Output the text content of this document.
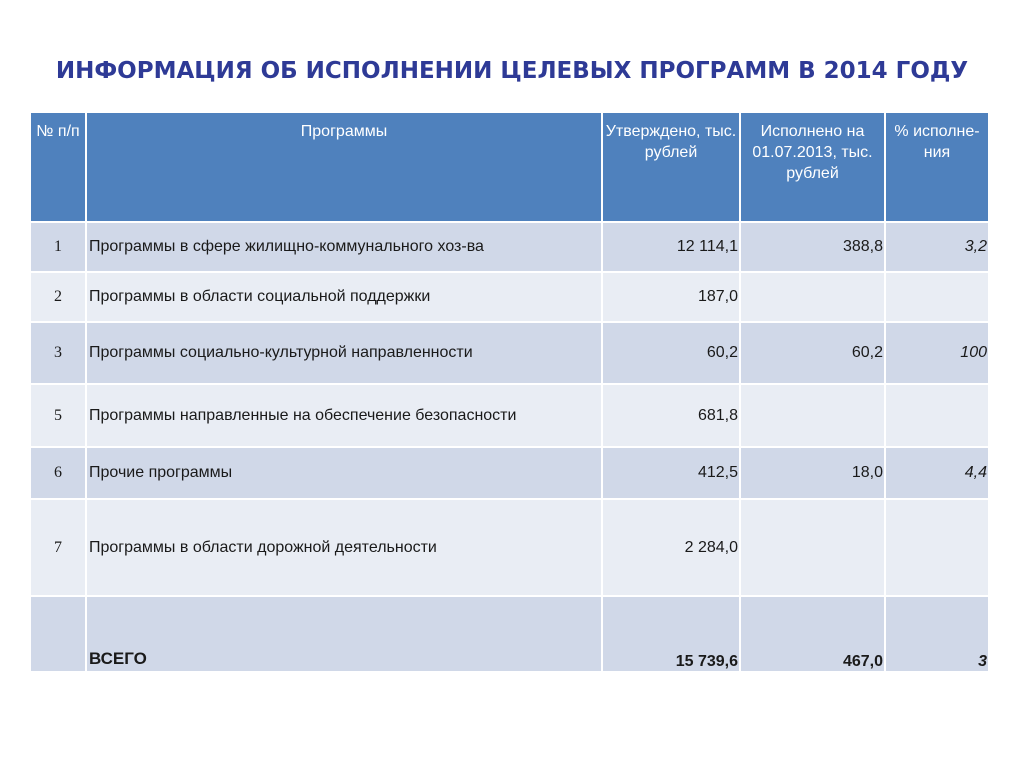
ИНФОРМАЦИЯ ОБ ИСПОЛНЕНИИ ЦЕЛЕВЫХ ПРОГРАММ В 2014 ГОДУ
№ п/п	Программы	Утверждено, тыс. рублей	Исполнено на 01.07.2013, тыс. рублей	% исполне-ния
1	Программы в сфере жилищно-коммунального хоз-ва	12 114,1	388,8	3,2
2	Программы в области социальной поддержки	187,0		
3	Программы социально-культурной направленности	60,2	60,2	100
5	Программы направленные на обеспечение безопасности	681,8		
6	Прочие программы	412,5	18,0	4,4
7	Программы в области дорожной деятельности	2 284,0		
	ВСЕГО	15 739,6	467,0	3
